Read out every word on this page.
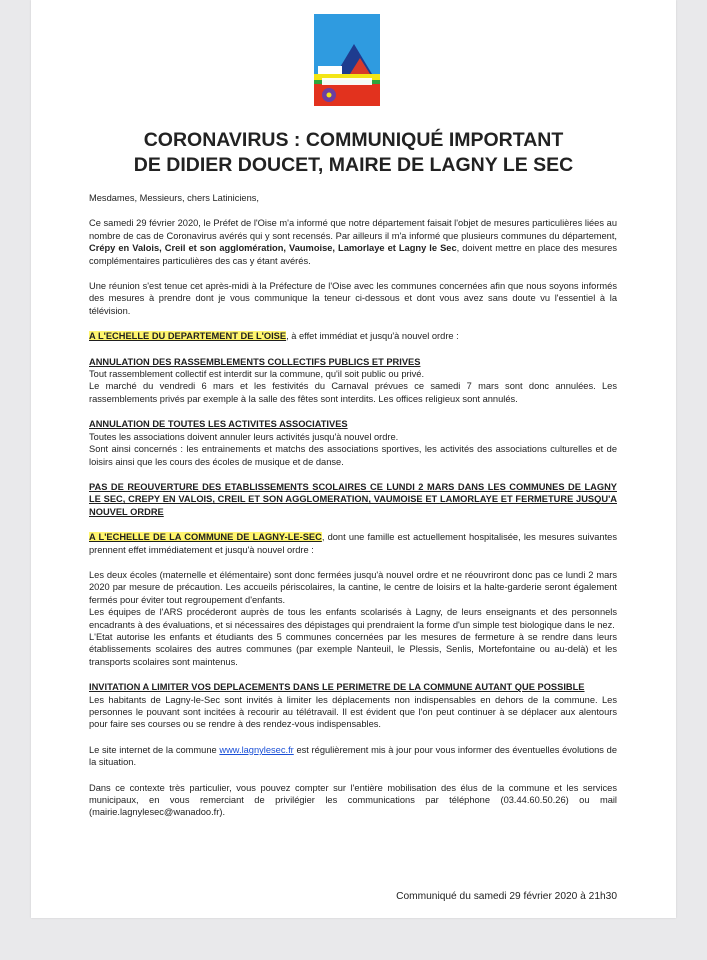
CORONAVIRUS : COMMUNIQUÉ IMPORTANT
DE DIDIER DOUCET, MAIRE DE LAGNY LE SEC

Mesdames, Messieurs, chers Latiniciens,

Ce samedi 29 février 2020, le Préfet de l'Oise m'a informé que notre département faisait l'objet de mesures particulières liées au nombre de cas de Coronavirus avérés qui y sont recensés. Par ailleurs il m'a informé que plusieurs communes du département, Crépy en Valois, Creil et son agglomération, Vaumoise, Lamorlaye et Lagny le Sec, doivent mettre en place des mesures complémentaires particulières des cas y étant avérés.

Une réunion s'est tenue cet après-midi à la Préfecture de l'Oise avec les communes concernées afin que nous soyons informés des mesures à prendre dont je vous communique la teneur ci-dessous et dont vous avez sans doute vu l'essentiel à la télévision.

A L'ECHELLE DU DEPARTEMENT DE L'OISE, à effet immédiat et jusqu'à nouvel ordre :

ANNULATION DES RASSEMBLEMENTS COLLECTIFS PUBLICS ET PRIVES
Tout rassemblement collectif est interdit sur la commune, qu'il soit public ou privé.
Le marché du vendredi 6 mars et les festivités du Carnaval prévues ce samedi 7 mars sont donc annulées. Les rassemblements privés par exemple à la salle des fêtes sont interdits. Les offices religieux sont annulés.

ANNULATION DE TOUTES LES ACTIVITES ASSOCIATIVES
Toutes les associations doivent annuler leurs activités jusqu'à nouvel ordre.
Sont ainsi concernés : les entrainements et matchs des associations sportives, les activités des associations culturelles et de loisirs ainsi que les cours des écoles de musique et de danse.

PAS DE REOUVERTURE DES ETABLISSEMENTS SCOLAIRES CE LUNDI 2 MARS DANS LES COMMUNES DE LAGNY LE SEC, CREPY EN VALOIS, CREIL ET SON AGGLOMERATION, VAUMOISE ET LAMORLAYE ET FERMETURE JUSQU'A NOUVEL ORDRE

A L'ECHELLE DE LA COMMUNE DE LAGNY-LE-SEC, dont une famille est actuellement hospitalisée, les mesures suivantes prennent effet immédiatement et jusqu'à nouvel ordre :

Les deux écoles (maternelle et élémentaire) sont donc fermées jusqu'à nouvel ordre et ne réouvriront donc pas ce lundi 2 mars 2020 par mesure de précaution. Les accueils périscolaires, la cantine, le centre de loisirs et la halte-garderie seront également fermés pour éviter tout regroupement d'enfants.
Les équipes de l'ARS procéderont auprès de tous les enfants scolarisés à Lagny, de leurs enseignants et des personnels encadrants à des évaluations, et si nécessaires des dépistages qui prendraient la forme d'un simple test biologique dans le nez.
L'Etat autorise les enfants et étudiants des 5 communes concernées par les mesures de fermeture à se rendre dans leurs établissements scolaires des autres communes (par exemple Nanteuil, le Plessis, Senlis, Mortefontaine ou au-delà) et les transports scolaires sont maintenus.

INVITATION A LIMITER VOS DEPLACEMENTS DANS LE PERIMETRE DE LA COMMUNE AUTANT QUE POSSIBLE
Les habitants de Lagny-le-Sec sont invités à limiter les déplacements non indispensables en dehors de la commune. Les personnes le pouvant sont incitées à recourir au télétravail. Il est évident que l'on peut continuer à se déplacer aux alentours pour faire ses courses ou se rendre à des rendez-vous indispensables.

Le site internet de la commune www.lagnylesec.fr est régulièrement mis à jour pour vous informer des éventuelles évolutions de la situation.

Dans ce contexte très particulier, vous pouvez compter sur l'entière mobilisation des élus de la commune et les services municipaux, en vous remerciant de privilégier les communications par téléphone (03.44.60.50.26) ou mail (mairie.lagnylesec@wanadoo.fr).

Communiqué du samedi 29 février 2020 à 21h30
